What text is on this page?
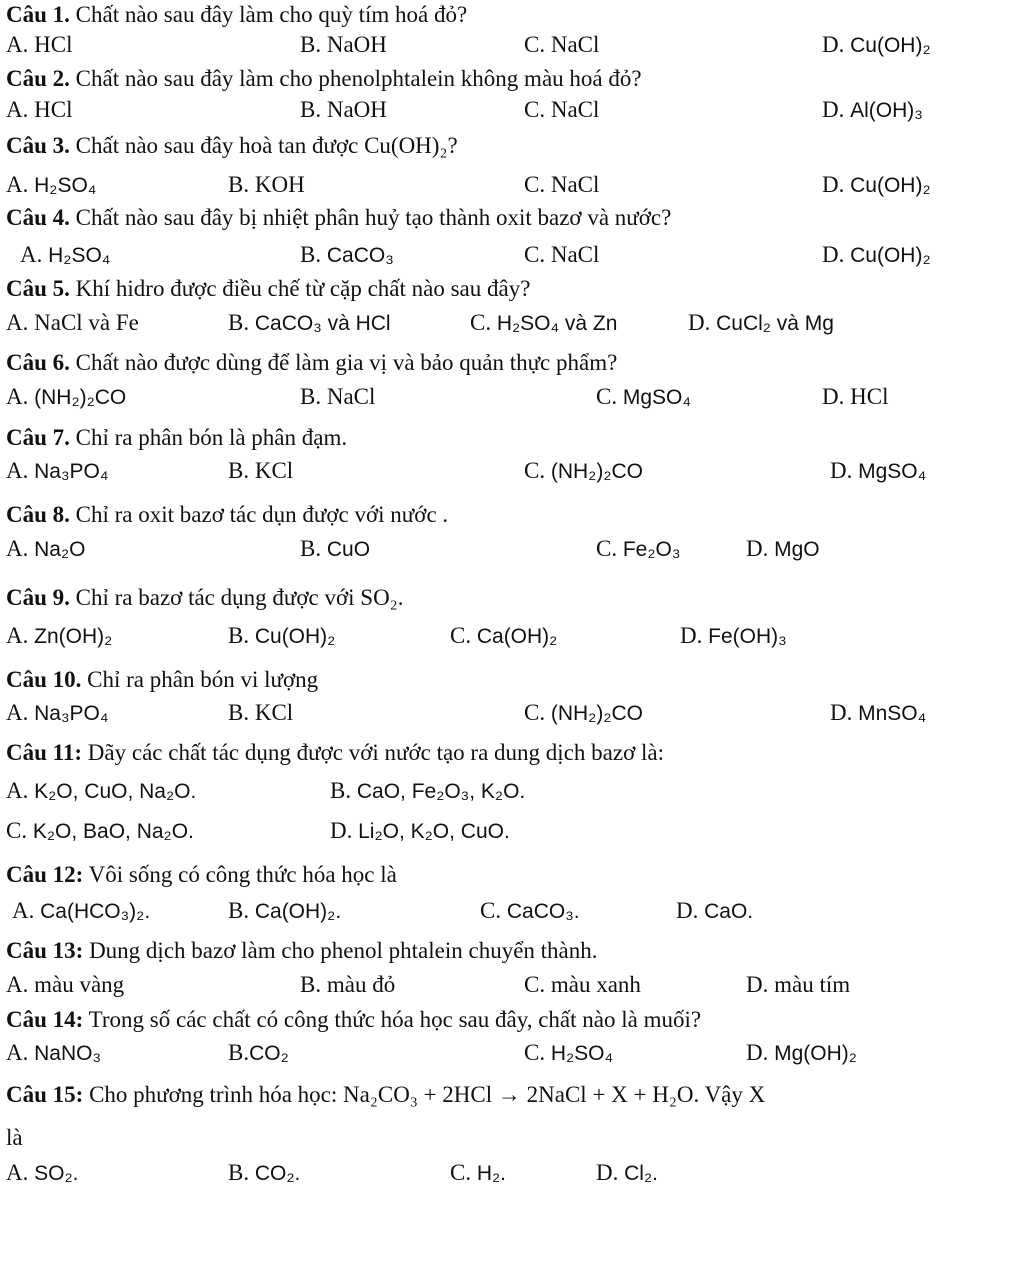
Câu 1. Chất nào sau đây làm cho quỳ tím hoá đỏ?
A. HCl	B. NaOH	C. NaCl	D. Cu(OH)₂
Câu 2. Chất nào sau đây làm cho phenolphtalein không màu hoá đỏ?
A. HCl	B. NaOH	C. NaCl	D. Al(OH)₃
Câu 3. Chất nào sau đây hoà tan được Cu(OH)₂?
A. H₂SO₄	B. KOH	C. NaCl	D. Cu(OH)₂
Câu 4. Chất nào sau đây bị nhiệt phân huỷ tạo thành oxit bazơ và nước?
A. H₂SO₄	B. CaCO₃	C. NaCl	D. Cu(OH)₂
Câu 5. Khí hidro được điều chế từ cặp chất nào sau đây?
A. NaCl và Fe	B. CaCO₃ và HCl	C. H₂SO₄ và Zn	D. CuCl₂ và Mg
Câu 6. Chất nào được dùng để làm gia vị và bảo quản thực phẩm?
A. (NH₂)₂CO	B. NaCl	C. MgSO₄	D. HCl
Câu 7. Chỉ ra phân bón là phân đạm.
A. Na₃PO₄	B. KCl	C. (NH₂)₂CO	D. MgSO₄
Câu 8. Chỉ ra oxit bazơ tác dụn được với nước .
A. Na₂O	B. CuO	C. Fe₂O₃	D. MgO
Câu 9. Chỉ ra bazơ tác dụng được với SO₂.
A. Zn(OH)₂	B. Cu(OH)₂	C. Ca(OH)₂	D. Fe(OH)₃
Câu 10. Chỉ ra phân bón vi lượng
A. Na₃PO₄	B. KCl	C. (NH₂)₂CO	D. MnSO₄
Câu 11: Dãy các chất tác dụng được với nước tạo ra dung dịch bazơ là:
A. K₂O, CuO, Na₂O.	B. CaO, Fe₂O₃, K₂O.
C. K₂O, BaO, Na₂O.	D. Li₂O, K₂O, CuO.
Câu 12: Vôi sống có công thức hóa học là
A. Ca(HCO₃)₂.	B. Ca(OH)₂.	C. CaCO₃.	D. CaO.
Câu 13: Dung dịch bazơ làm cho phenol phtalein chuyển thành.
A. màu vàng	B. màu đỏ	C. màu xanh	D. màu tím
Câu 14: Trong số các chất có công thức hóa học sau đây, chất nào là muối?
A. NaNO₃	B.CO₂	C. H₂SO₄	D. Mg(OH)₂
Câu 15: Cho phương trình hóa học: Na₂CO₃ + 2HCl → 2NaCl + X + H₂O. Vậy X
là
A. SO₂.	B. CO₂.	C. H₂.	D. Cl₂.
